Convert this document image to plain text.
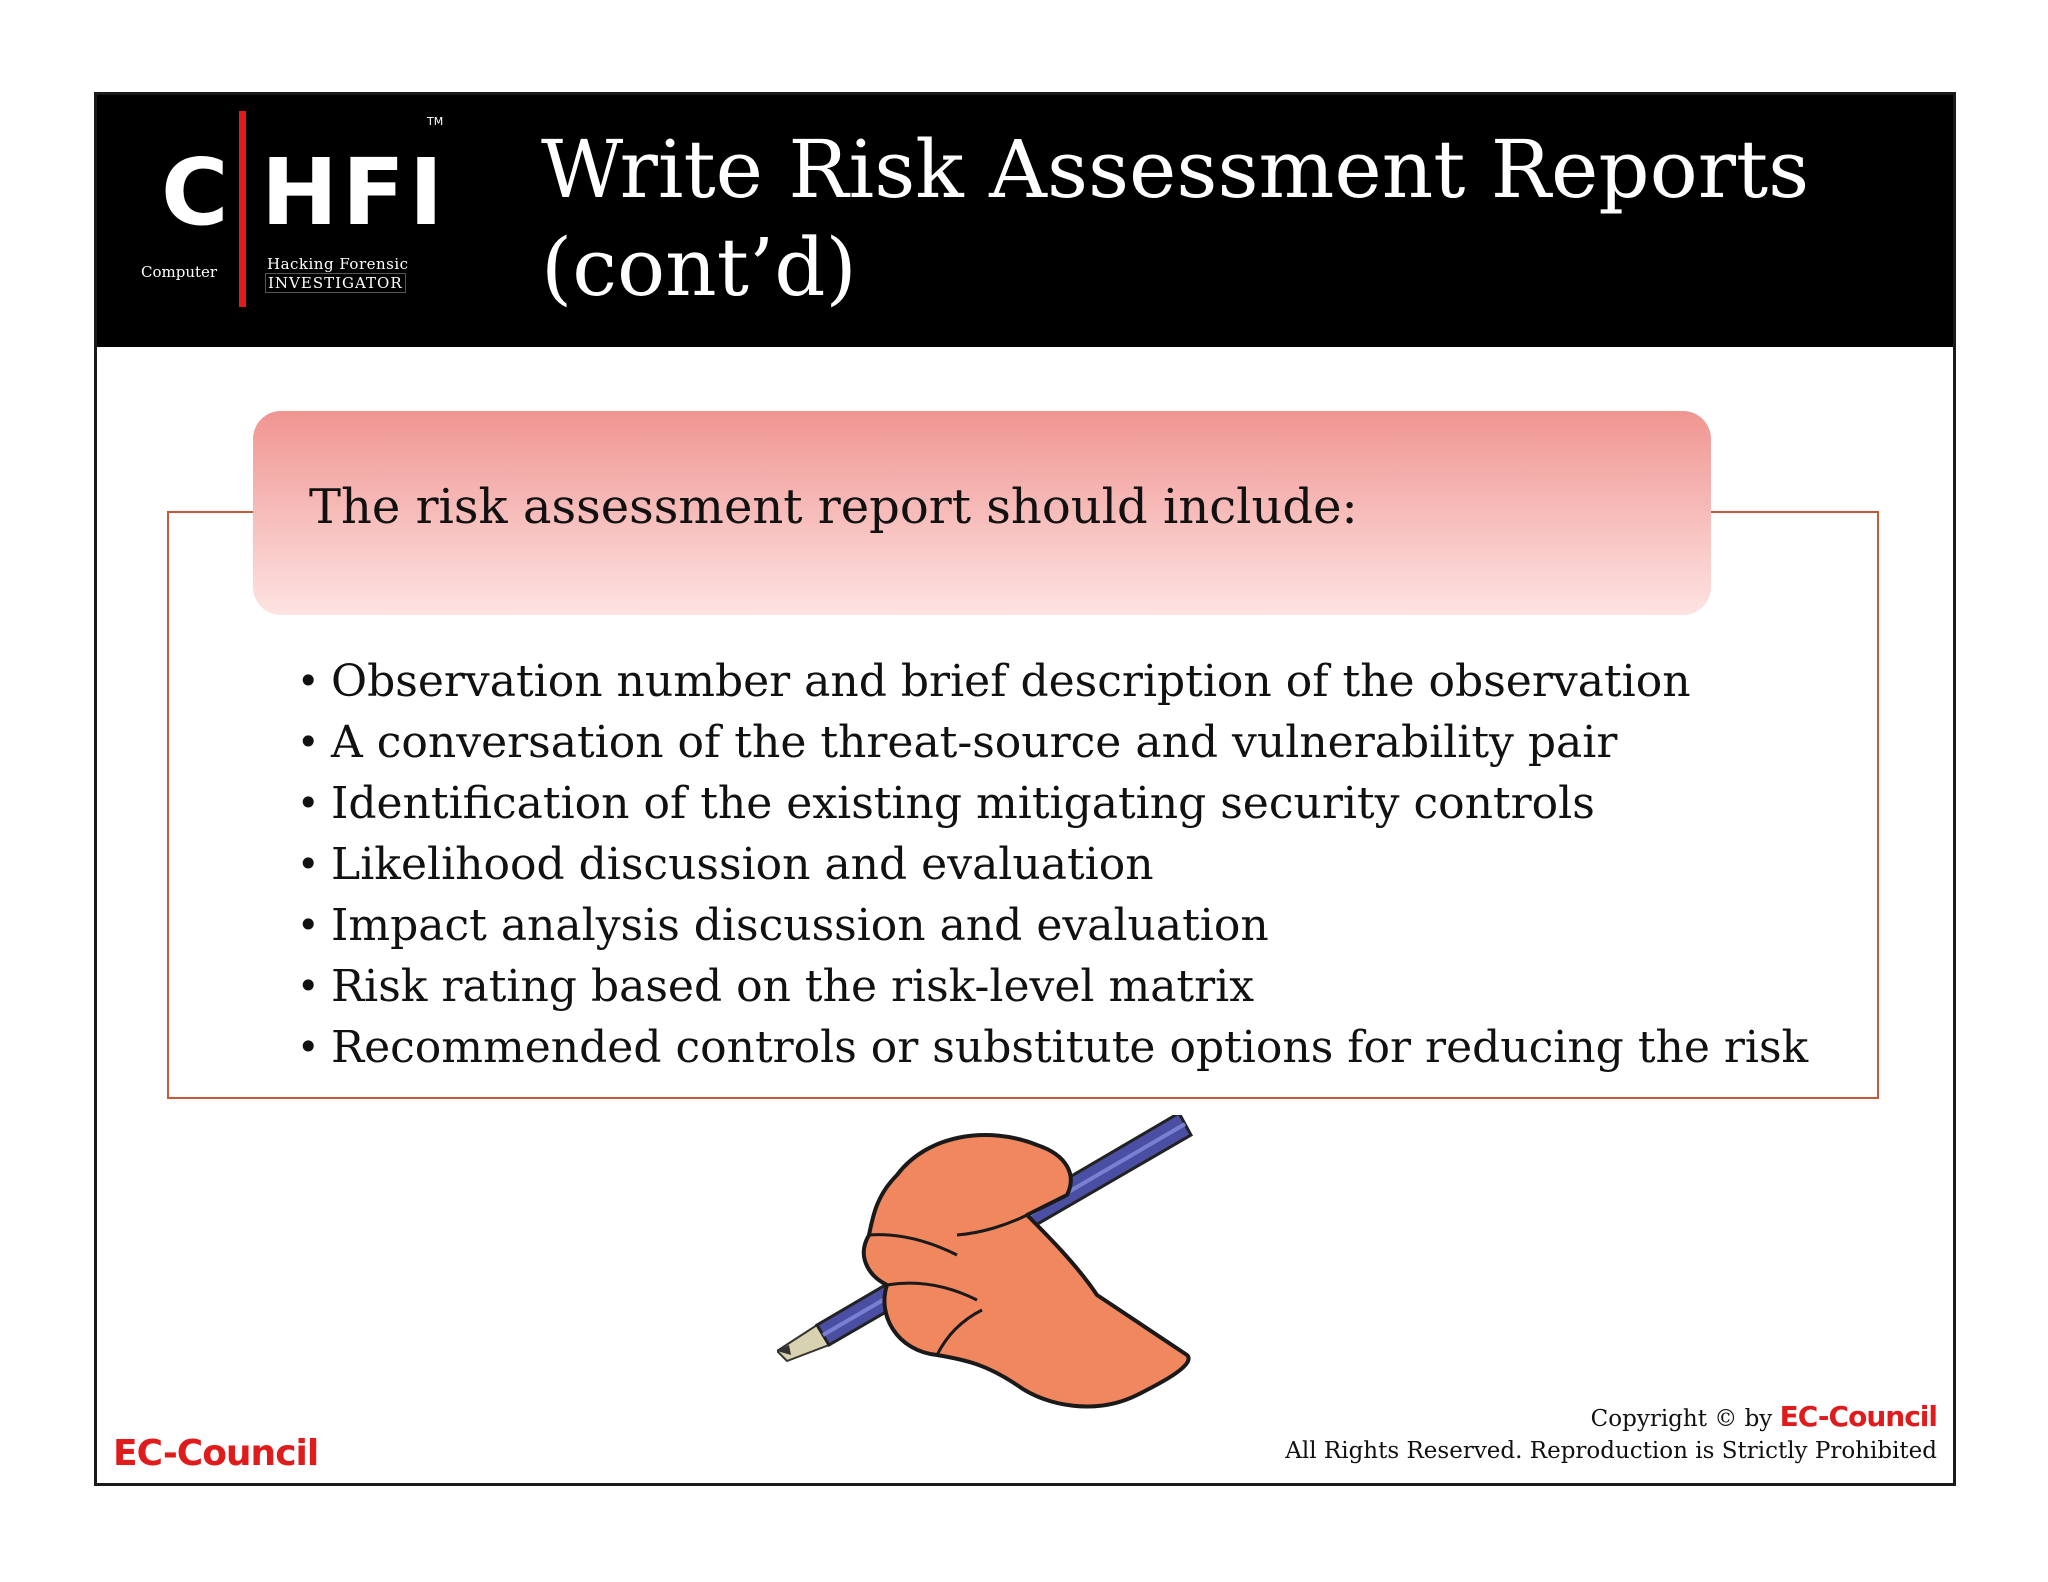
C HFI
TM
Computer	Hacking Forensic
INVESTIGATOR
Write Risk Assessment Reports
(cont’d)
The risk assessment report should include:
• Observation number and brief description of the observation
• A conversation of the threat-source and vulnerability pair
• Identification of the existing mitigating security controls
• Likelihood discussion and evaluation
• Impact analysis discussion and evaluation
• Risk rating based on the risk-level matrix
• Recommended controls or substitute options for reducing the risk
EC-Council
Copyright © by EC-Council
All Rights Reserved. Reproduction is Strictly Prohibited
